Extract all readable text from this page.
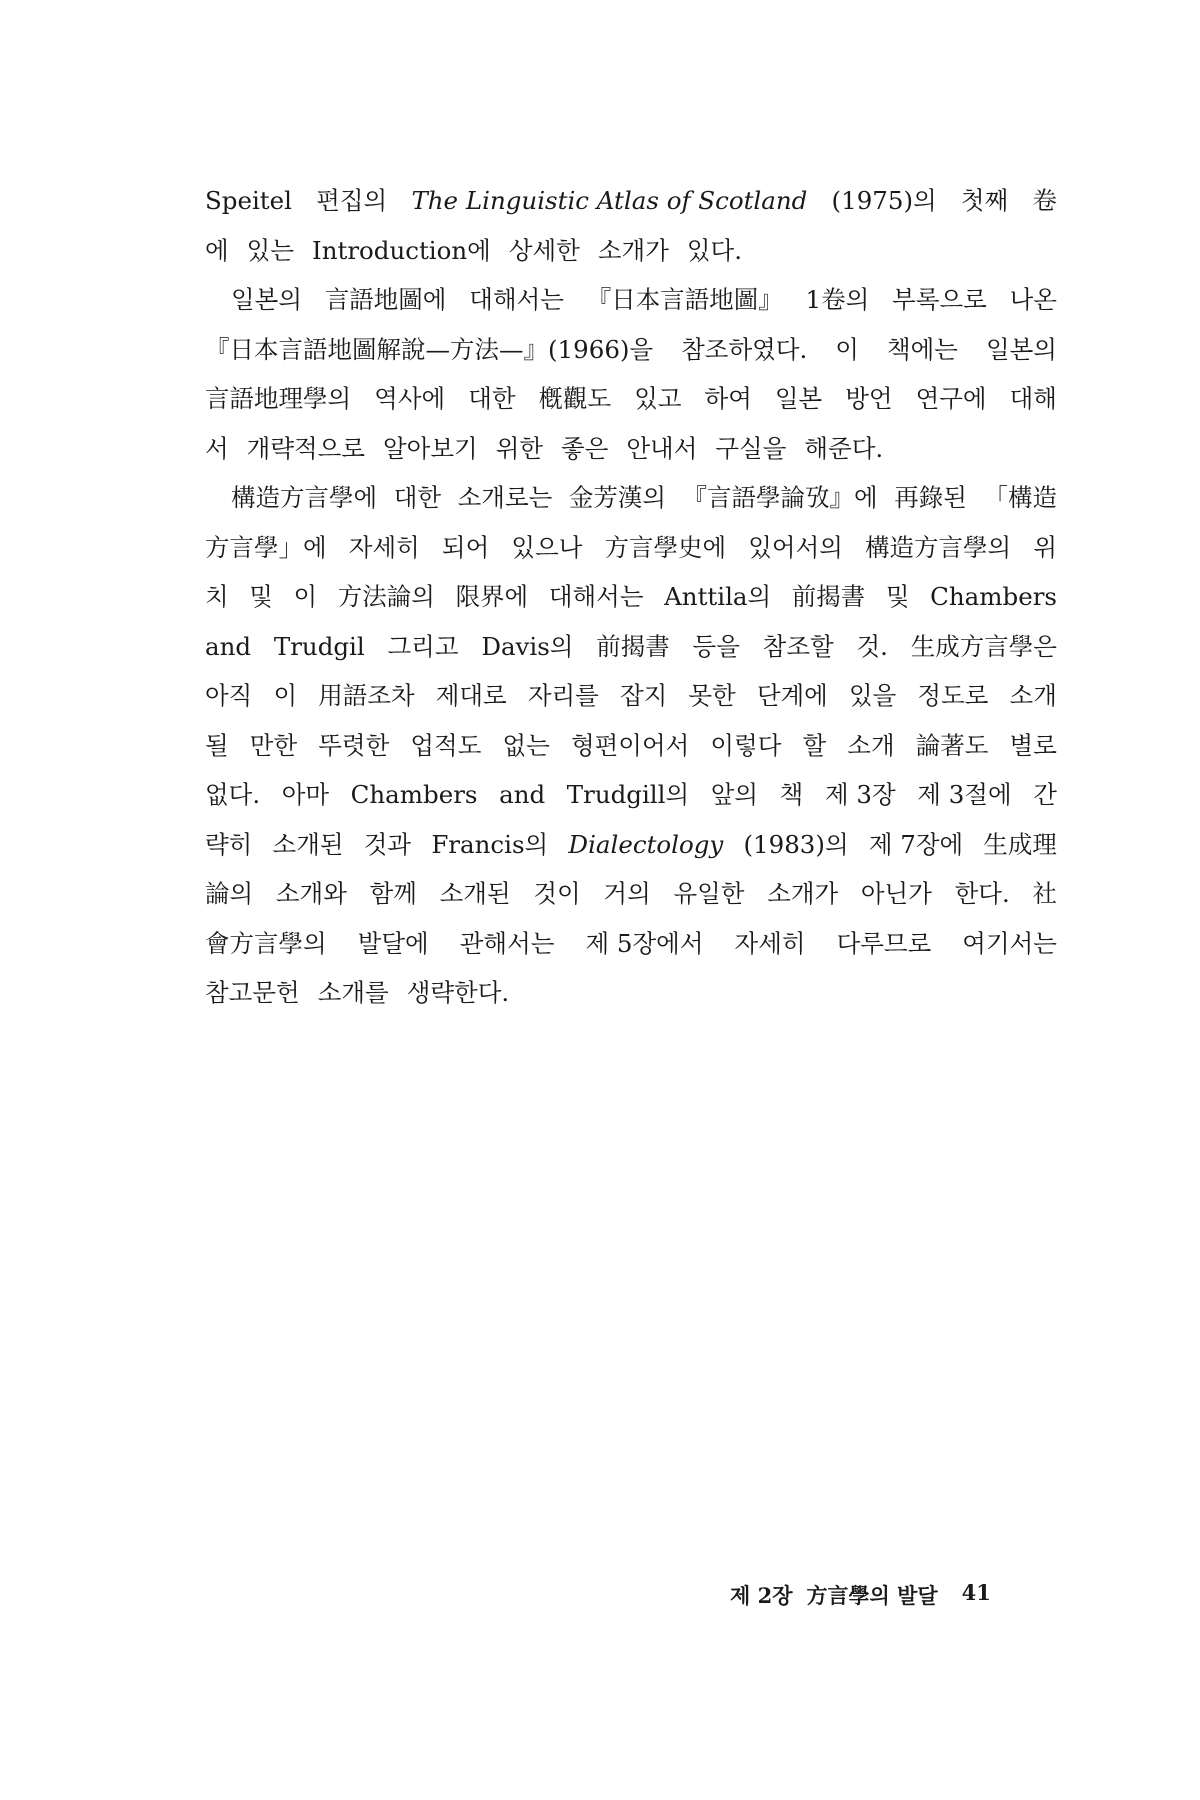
Speitel 편집의 The Linguistic Atlas of Scotland (1975)의 첫째 卷
에 있는 Introduction에 상세한 소개가 있다.
일본의 言語地圖에 대해서는 『日本言語地圖』 1卷의 부록으로 나온
『日本言語地圖解說—方法—』(1966)을 참조하였다. 이 책에는 일본의
言語地理學의 역사에 대한 槪觀도 있고 하여 일본 방언 연구에 대해
서 개략적으로 알아보기 위한 좋은 안내서 구실을 해준다.
構造方言學에 대한 소개로는 金芳漢의 『言語學論攷』에 再錄된 「構造
方言學」에 자세히 되어 있으나 方言學史에 있어서의 構造方言學의 위
치 및 이 方法論의 限界에 대해서는 Anttila의 前揭書 및 Chambers
and Trudgil 그리고 Davis의 前揭書 등을 참조할 것. 生成方言學은
아직 이 用語조차 제대로 자리를 잡지 못한 단계에 있을 정도로 소개
될 만한 뚜렷한 업적도 없는 형편이어서 이렇다 할 소개 論著도 별로
없다. 아마 Chambers and Trudgill의 앞의 책 제 3장 제 3절에 간
략히 소개된 것과 Francis의 Dialectology (1983)의 제 7장에 生成理
論의 소개와 함께 소개된 것이 거의 유일한 소개가 아닌가 한다. 社
會方言學의 발달에 관해서는 제 5장에서 자세히 다루므로 여기서는
참고문헌 소개를 생략한다.
제 2장 方言學의 발달 41
